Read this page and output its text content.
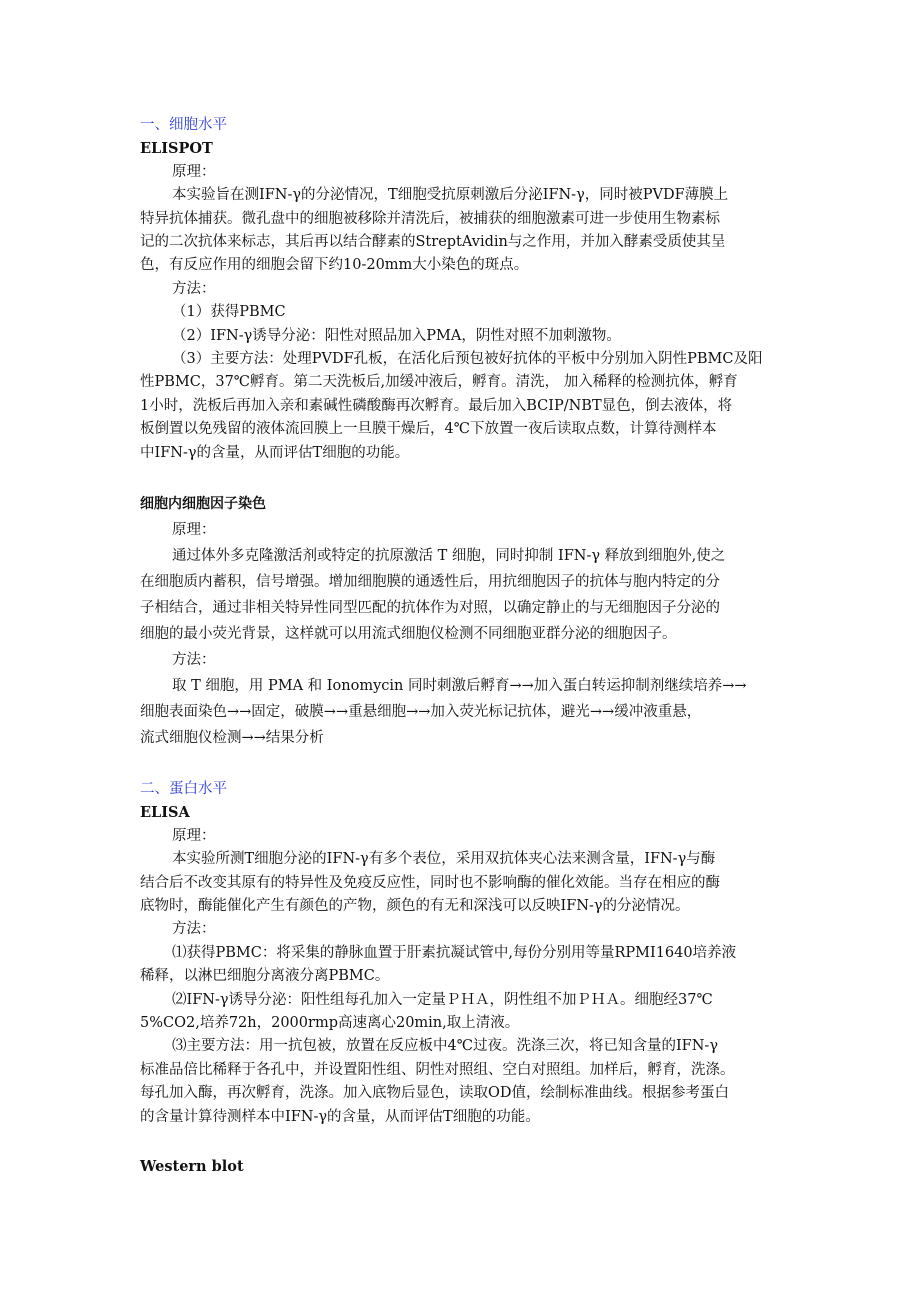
一、细胞水平

ELISPOT

原理：

本实验旨在测IFN-γ的分泌情况，T细胞受抗原刺激后分泌IFN-γ，同时被PVDF薄膜上

特异抗体捕获。微孔盘中的细胞被移除并清洗后，被捕获的细胞激素可进一步使用生物素标

记的二次抗体来标志，其后再以结合酵素的StreptAvidin与之作用，并加入酵素受质使其呈

色，有反应作用的细胞会留下约10-20mm大小染色的斑点。

方法：

（1）获得PBMC

（2）IFN-γ诱导分泌：阳性对照品加入PMA，阴性对照不加刺激物。

（3）主要方法：处理PVDF孔板，在活化后预包被好抗体的平板中分别加入阴性PBMC及阳

性PBMC，37℃孵育。第二天洗板后,加缓冲液后，孵育。清洗， 加入稀释的检测抗体，孵育

1小时，洗板后再加入亲和素碱性磷酸酶再次孵育。最后加入BCIP/NBT显色，倒去液体，将

板倒置以免残留的液体流回膜上一旦膜干燥后，4℃下放置一夜后读取点数，计算待测样本

中IFN-γ的含量，从而评估T细胞的功能。

细胞内细胞因子染色

原理：

通过体外多克隆激活剂或特定的抗原激活 T 细胞，同时抑制 IFN-γ 释放到细胞外,使之

在细胞质内蓄积，信号增强。增加细胞膜的通透性后，用抗细胞因子的抗体与胞内特定的分

子相结合，通过非相关特异性同型匹配的抗体作为对照，以确定静止的与无细胞因子分泌的

细胞的最小荧光背景，这样就可以用流式细胞仪检测不同细胞亚群分泌的细胞因子。

方法：

取 T 细胞，用 PMA 和 Ionomycin 同时刺激后孵育→→加入蛋白转运抑制剂继续培养→→

细胞表面染色→→固定，破膜→→重悬细胞→→加入荧光标记抗体，避光→→缓冲液重悬，

流式细胞仪检测→→结果分析

二、蛋白水平

ELISA

原理：

本实验所测T细胞分泌的IFN-γ有多个表位，采用双抗体夹心法来测含量，IFN-γ与酶

结合后不改变其原有的特异性及免疫反应性，同时也不影响酶的催化效能。当存在相应的酶

底物时，酶能催化产生有颜色的产物，颜色的有无和深浅可以反映IFN-γ的分泌情况。

方法：

⑴获得PBMC：将采集的静脉血置于肝素抗凝试管中,每份分别用等量RPMI1640培养液

稀释，以淋巴细胞分离液分离PBMC。

⑵IFN-γ诱导分泌：阳性组每孔加入一定量ＰＨＡ，阴性组不加ＰＨＡ。细胞经37℃

5%CO2,培养72h，2000rmp高速离心20min,取上清液。

⑶主要方法：用一抗包被，放置在反应板中4℃过夜。洗涤三次，将已知含量的IFN-γ

标准品倍比稀释于各孔中，并设置阳性组、阴性对照组、空白对照组。加样后，孵育，洗涤。

每孔加入酶，再次孵育，洗涤。加入底物后显色，读取OD值，绘制标准曲线。根据参考蛋白

的含量计算待测样本中IFN-γ的含量，从而评估T细胞的功能。

Western blot
